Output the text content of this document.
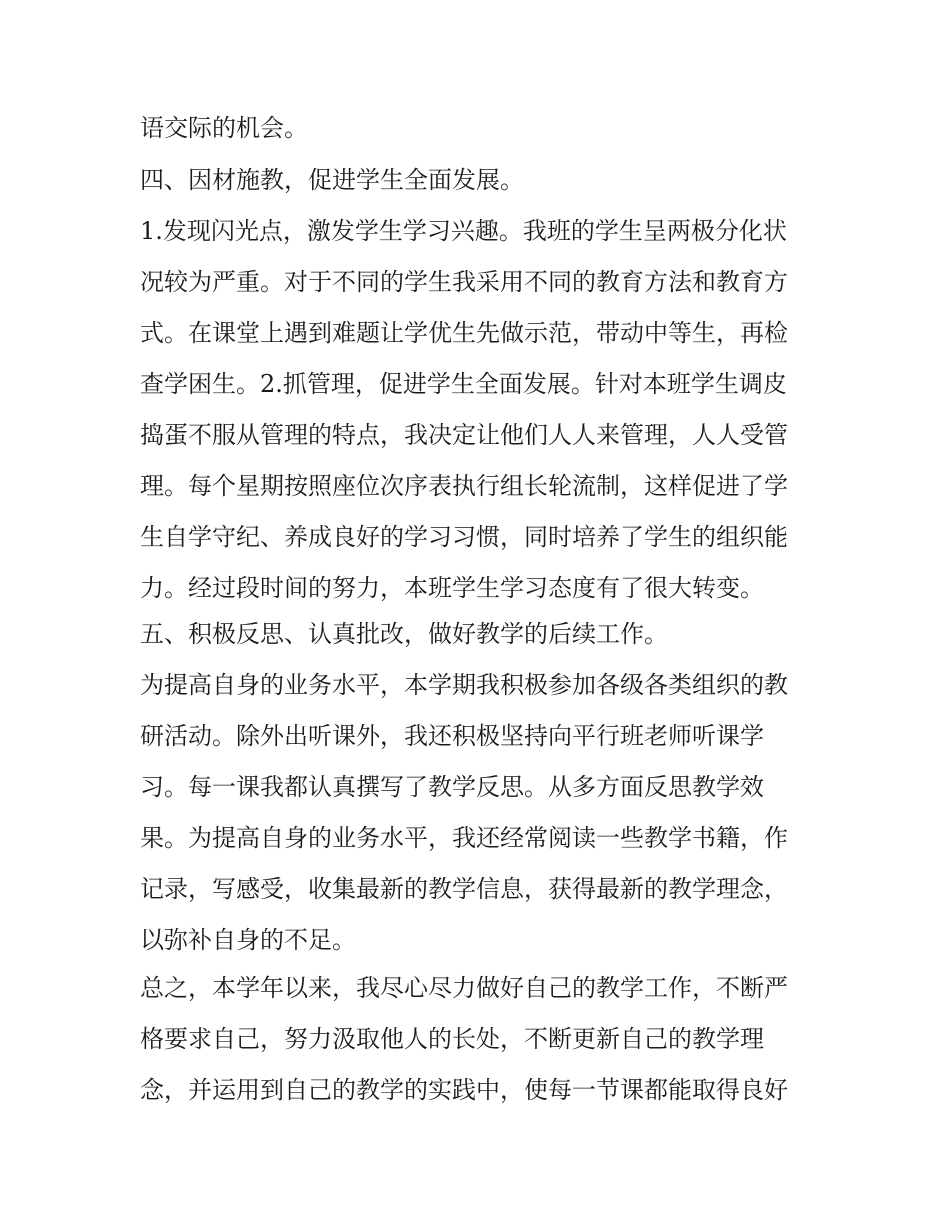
语交际的机会。
四、因材施教，促进学生全面发展。
1.发现闪光点，激发学生学习兴趣。我班的学生呈两极分化状
况较为严重。对于不同的学生我采用不同的教育方法和教育方
式。在课堂上遇到难题让学优生先做示范，带动中等生，再检
查学困生。2.抓管理，促进学生全面发展。针对本班学生调皮
捣蛋不服从管理的特点，我决定让他们人人来管理，人人受管
理。每个星期按照座位次序表执行组长轮流制，这样促进了学
生自学守纪、养成良好的学习习惯，同时培养了学生的组织能
力。经过段时间的努力，本班学生学习态度有了很大转变。
五、积极反思、认真批改，做好教学的后续工作。
为提高自身的业务水平，本学期我积极参加各级各类组织的教
研活动。除外出听课外，我还积极坚持向平行班老师听课学
习。每一课我都认真撰写了教学反思。从多方面反思教学效
果。为提高自身的业务水平，我还经常阅读一些教学书籍，作
记录，写感受，收集最新的教学信息，获得最新的教学理念，
以弥补自身的不足。
总之，本学年以来，我尽心尽力做好自己的教学工作，不断严
格要求自己，努力汲取他人的长处，不断更新自己的教学理
念，并运用到自己的教学的实践中，使每一节课都能取得良好
